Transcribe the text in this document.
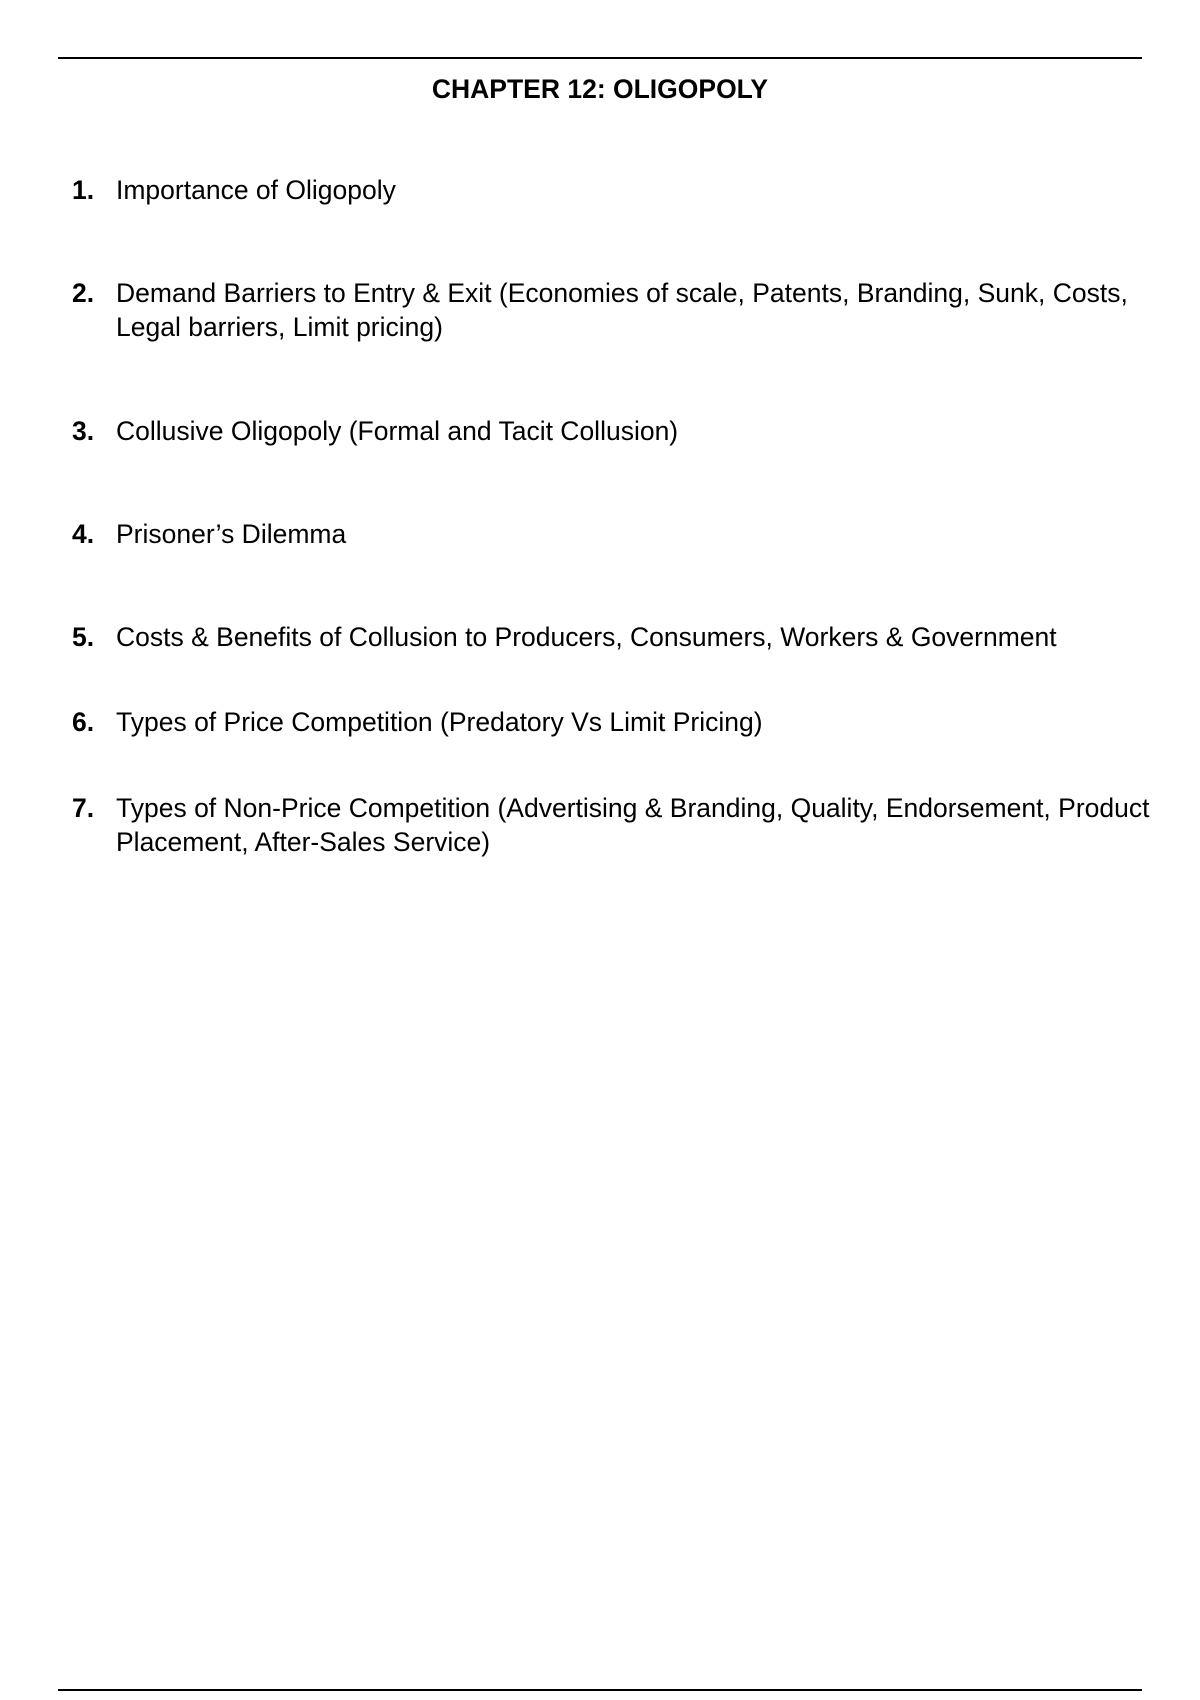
CHAPTER 12: OLIGOPOLY
1. Importance of Oligopoly
2. Demand Barriers to Entry & Exit (Economies of scale, Patents, Branding, Sunk, Costs, Legal barriers, Limit pricing)
3. Collusive Oligopoly (Formal and Tacit Collusion)
4. Prisoner’s Dilemma
5. Costs & Benefits of Collusion to Producers, Consumers, Workers & Government
6. Types of Price Competition (Predatory Vs Limit Pricing)
7. Types of Non-Price Competition (Advertising & Branding, Quality, Endorsement, Product Placement, After-Sales Service)
